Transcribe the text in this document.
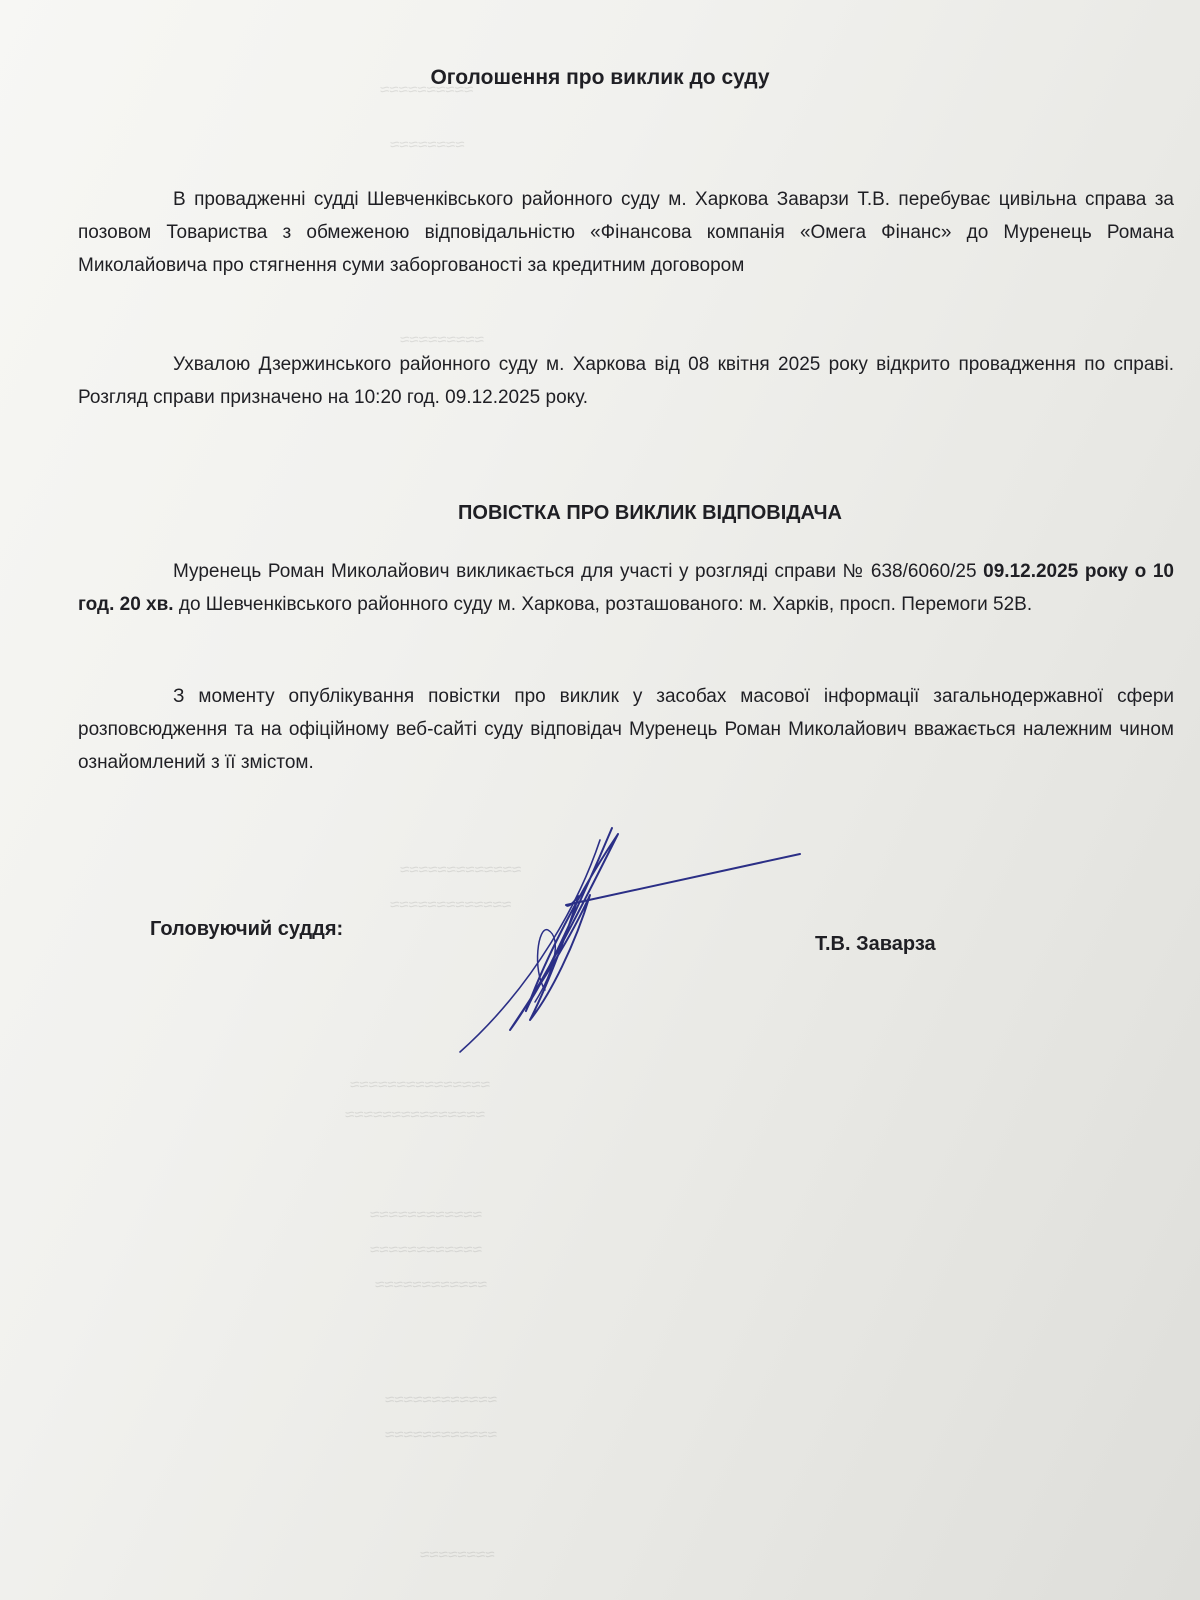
≈≈≈≈≈≈≈≈≈≈
≈≈≈≈≈≈≈≈
≈≈≈≈≈≈≈≈≈
≈≈≈≈≈≈≈≈≈≈≈≈≈
≈≈≈≈≈≈≈≈≈≈≈≈≈
≈≈≈≈≈≈≈≈≈≈≈≈≈≈≈
≈≈≈≈≈≈≈≈≈≈≈≈≈≈≈
≈≈≈≈≈≈≈≈≈≈≈≈
≈≈≈≈≈≈≈≈≈≈≈≈
≈≈≈≈≈≈≈≈≈≈≈≈
≈≈≈≈≈≈≈≈≈≈≈≈
≈≈≈≈≈≈≈≈≈≈≈≈
≈≈≈≈≈≈≈≈
Оголошення про виклик до суду

В провадженні судді Шевченківського районного суду м. Харкова Заварзи Т.В. перебуває цивільна справа за позовом Товариства з обмеженою відповідальністю «Фінансова компанія «Омега Фінанс» до Муренець Романа Миколайовича про стягнення суми заборгованості за кредитним договором

Ухвалою Дзержинського районного суду м. Харкова від 08 квітня 2025 року відкрито провадження по справі. Розгляд справи призначено на 10:20 год. 09.12.2025 року.

ПОВІСТКА ПРО ВИКЛИК ВІДПОВІДАЧА

Муренець Роман Миколайович викликається для участі у розгляді справи № 638/6060/25 09.12.2025 року о 10 год. 20 хв. до Шевченківського районного суду м. Харкова, розташованого: м. Харків, просп. Перемоги 52В.

З моменту опублікування повістки про виклик у засобах масової інформації загальнодержавної сфери розповсюдження та на офіційному веб-сайті суду відповідач Муренець Роман Миколайович вважається належним чином ознайомлений з її змістом.

Головуючий суддя:

Т.В. Заварза
